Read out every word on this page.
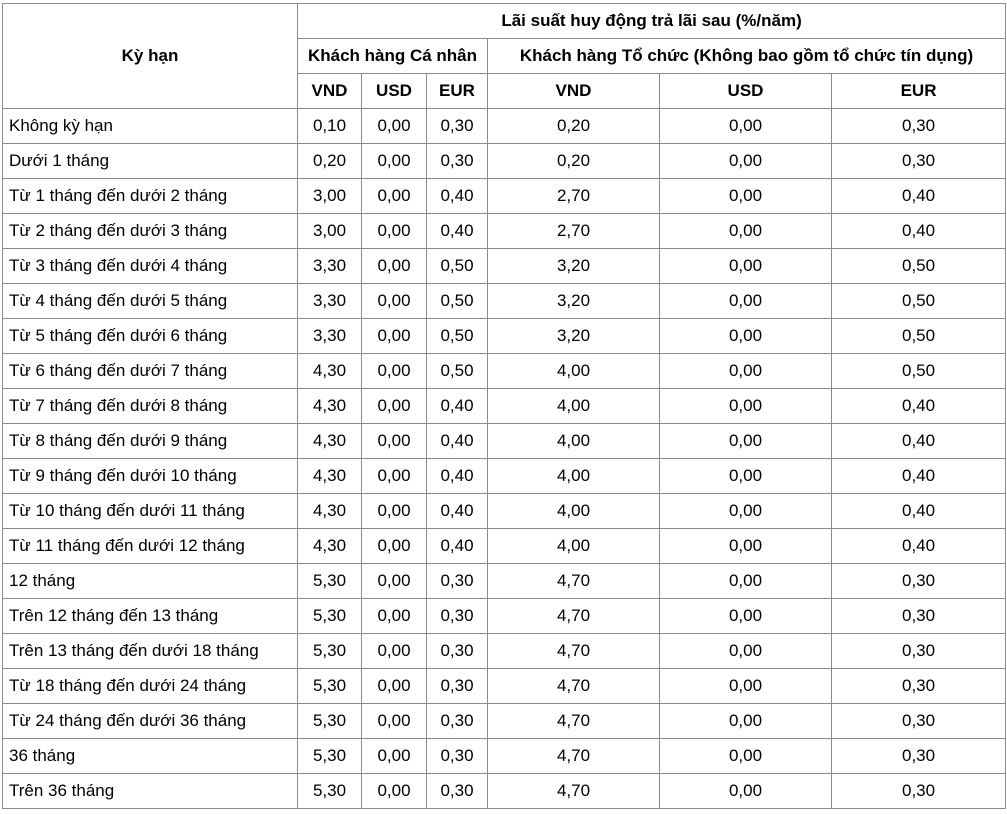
Kỳ hạn	Lãi suất huy động trả lãi sau (%/năm)					
	Khách hàng Cá nhân			Khách hàng Tổ chức (Không bao gồm tổ chức tín dụng)		
	VND	USD	EUR	VND	USD	EUR
Không kỳ hạn	0,10	0,00	0,30	0,20	0,00	0,30
Dưới 1 tháng	0,20	0,00	0,30	0,20	0,00	0,30
Từ 1 tháng đến dưới 2 tháng	3,00	0,00	0,40	2,70	0,00	0,40
Từ 2 tháng đến dưới 3 tháng	3,00	0,00	0,40	2,70	0,00	0,40
Từ 3 tháng đến dưới 4 tháng	3,30	0,00	0,50	3,20	0,00	0,50
Từ 4 tháng đến dưới 5 tháng	3,30	0,00	0,50	3,20	0,00	0,50
Từ 5 tháng đến dưới 6 tháng	3,30	0,00	0,50	3,20	0,00	0,50
Từ 6 tháng đến dưới 7 tháng	4,30	0,00	0,50	4,00	0,00	0,50
Từ 7 tháng đến dưới 8 tháng	4,30	0,00	0,40	4,00	0,00	0,40
Từ 8 tháng đến dưới 9 tháng	4,30	0,00	0,40	4,00	0,00	0,40
Từ 9 tháng đến dưới 10 tháng	4,30	0,00	0,40	4,00	0,00	0,40
Từ 10 tháng đến dưới 11 tháng	4,30	0,00	0,40	4,00	0,00	0,40
Từ 11 tháng đến dưới 12 tháng	4,30	0,00	0,40	4,00	0,00	0,40
12 tháng	5,30	0,00	0,30	4,70	0,00	0,30
Trên 12 tháng đến 13 tháng	5,30	0,00	0,30	4,70	0,00	0,30
Trên 13 tháng đến dưới 18 tháng	5,30	0,00	0,30	4,70	0,00	0,30
Từ 18 tháng đến dưới 24 tháng	5,30	0,00	0,30	4,70	0,00	0,30
Từ 24 tháng đến dưới 36 tháng	5,30	0,00	0,30	4,70	0,00	0,30
36 tháng	5,30	0,00	0,30	4,70	0,00	0,30
Trên 36 tháng	5,30	0,00	0,30	4,70	0,00	0,30
